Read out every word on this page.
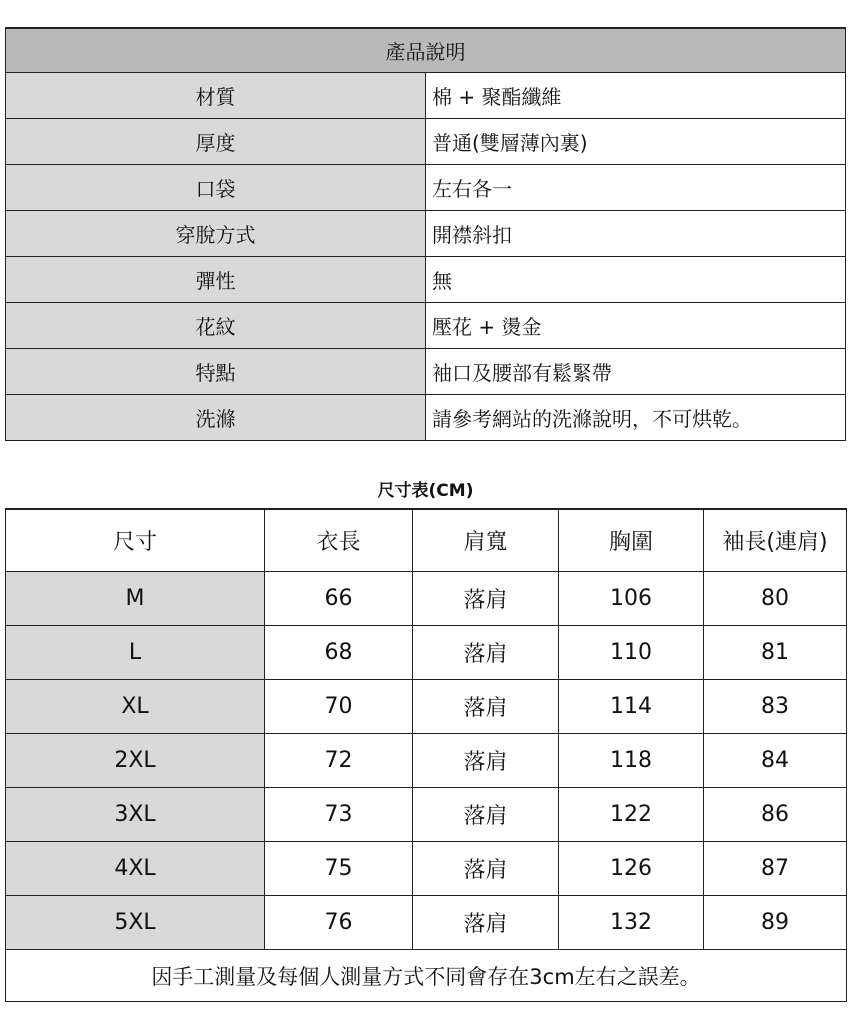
產品說明	
材質	棉 + 聚酯纖維
厚度	普通(雙層薄內裏)
口袋	左右各一
穿脫方式	開襟斜扣
彈性	無
花紋	壓花 + 燙金
特點	袖口及腰部有鬆緊帶
洗滌	請參考網站的洗滌說明，不可烘乾。
尺寸表(CM)
尺寸	衣長	肩寬	胸圍	袖長(連肩)
M	66	落肩	106	80
L	68	落肩	110	81
XL	70	落肩	114	83
2XL	72	落肩	118	84
3XL	73	落肩	122	86
4XL	75	落肩	126	87
5XL	76	落肩	132	89
因手工測量及每個人測量方式不同會存在3cm左右之誤差。				
